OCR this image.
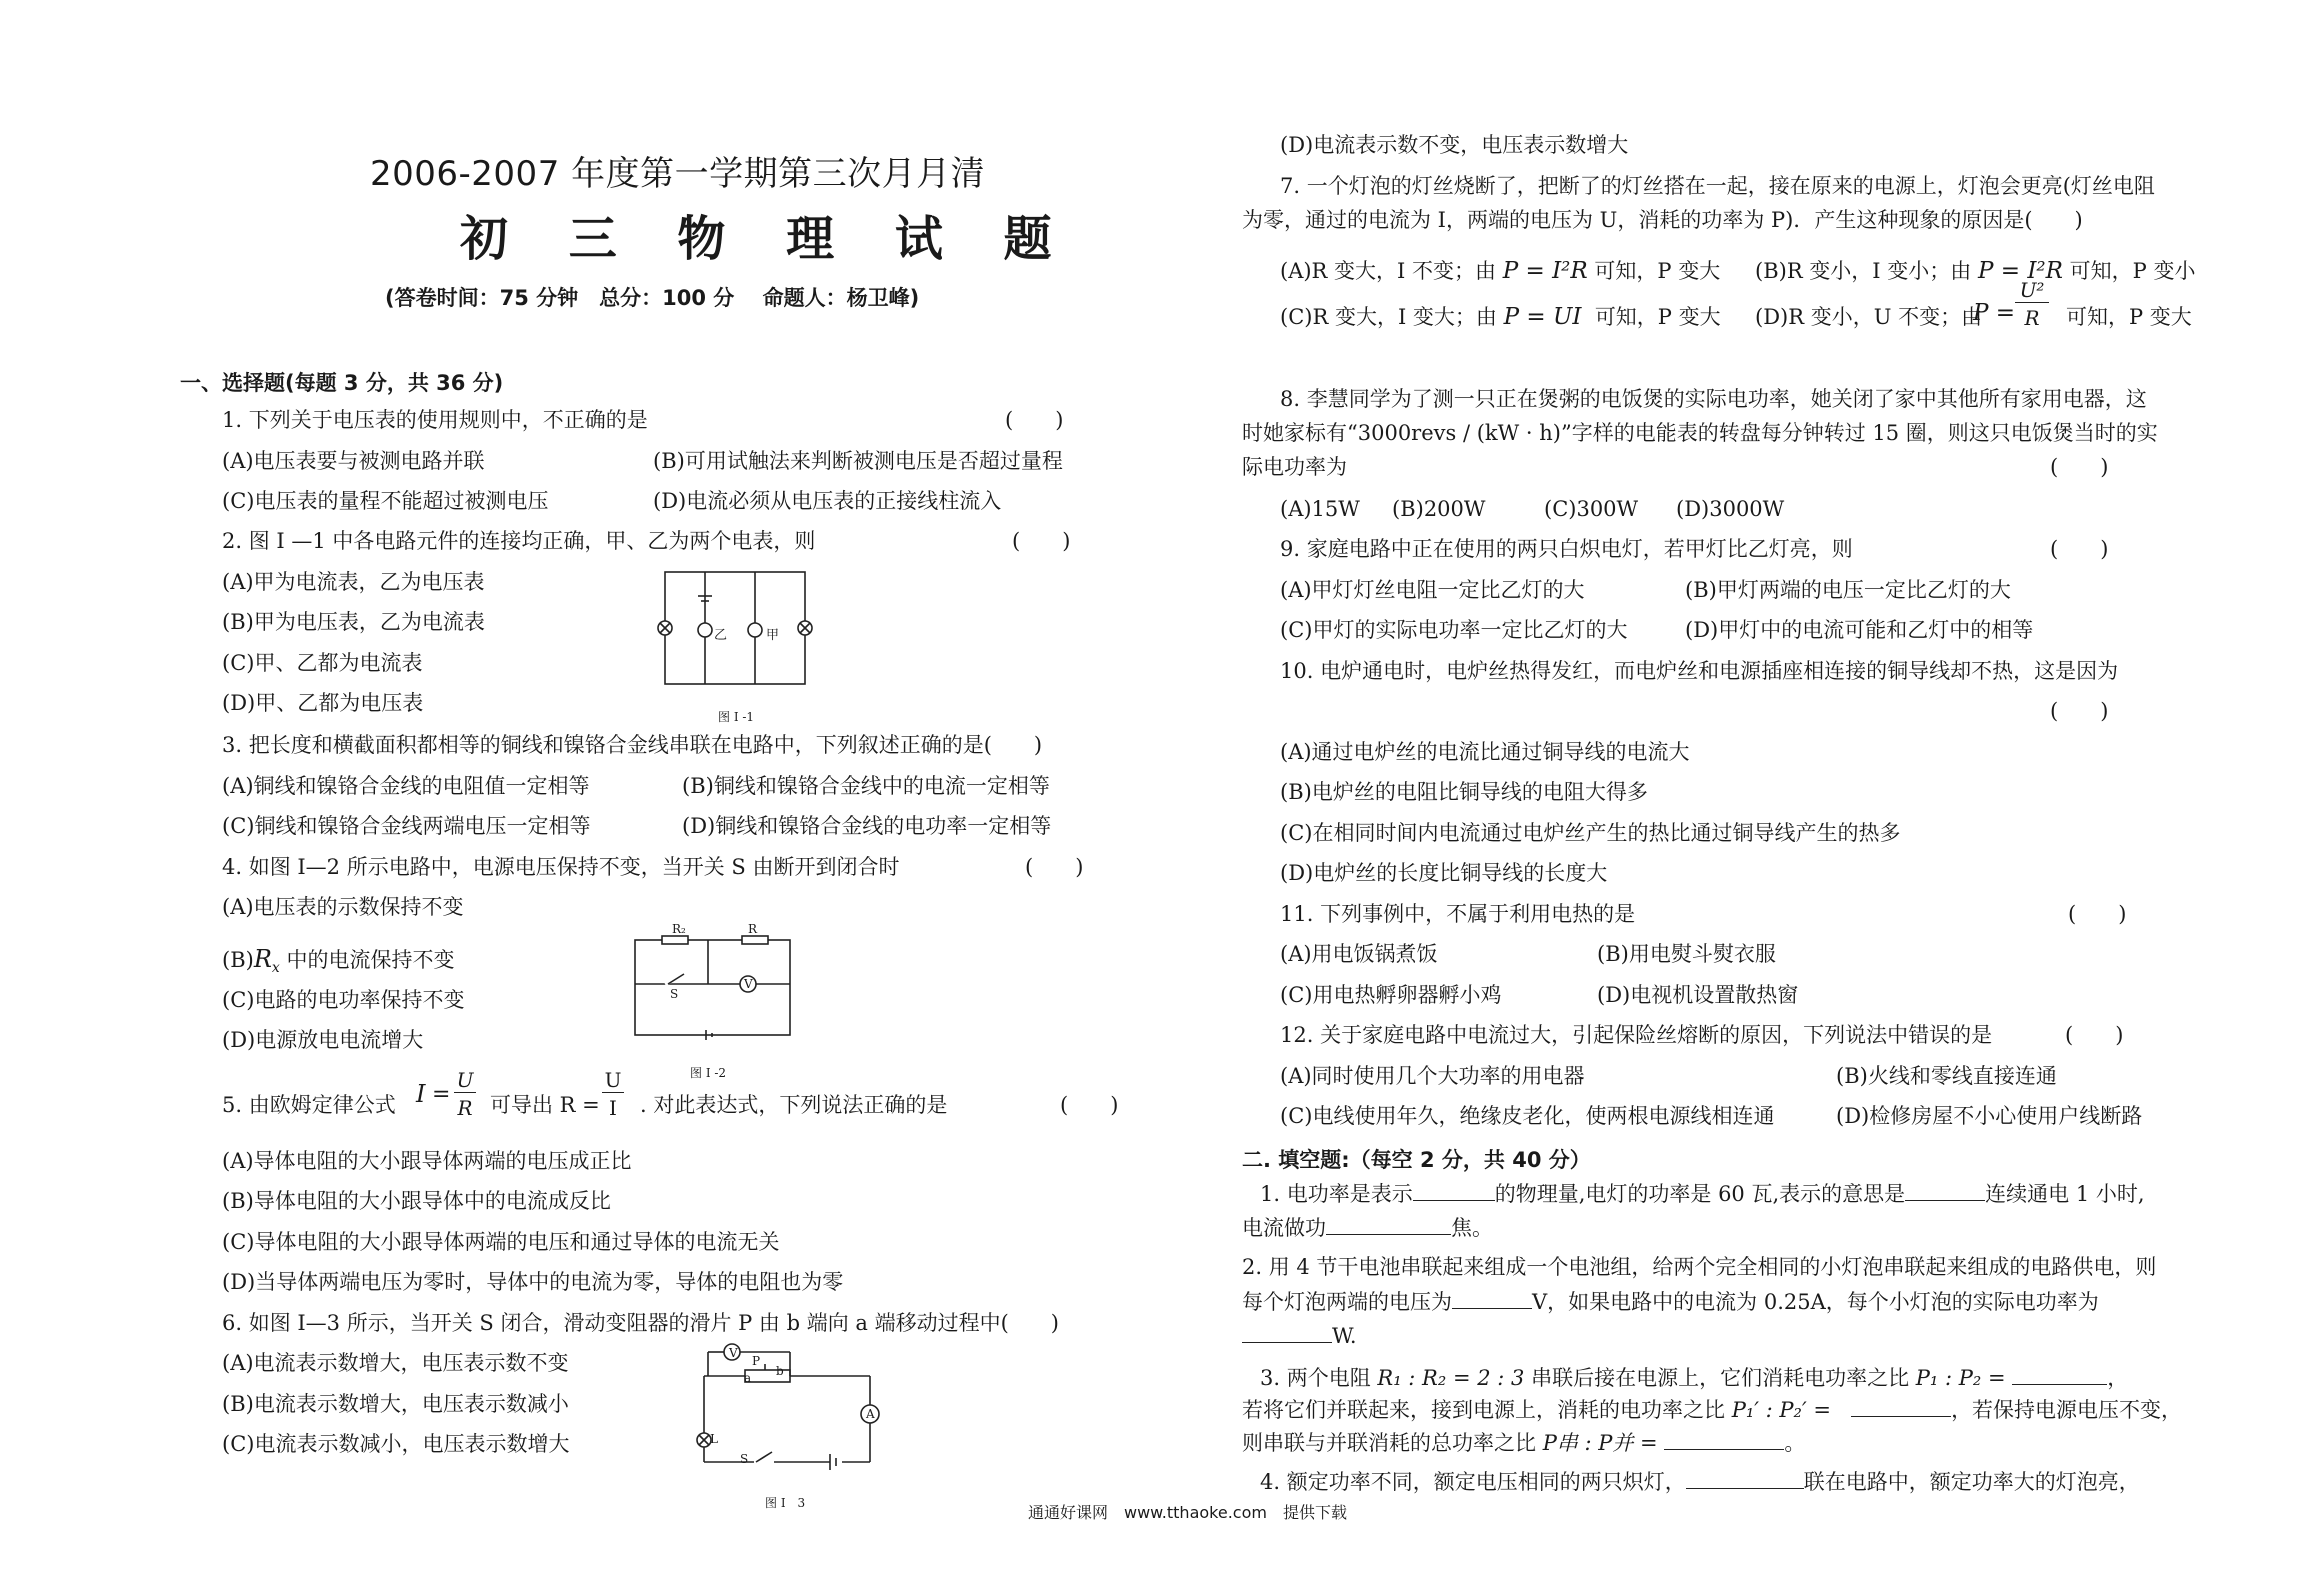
2006-2007 年度第一学期第三次月月清
初 三 物 理 试 题
(答卷时间：75 分钟　总分：100 分　 命题人：杨卫峰)
一、选择题(每题 3 分，共 36 分)
1. 下列关于电压表的使用规则中，不正确的是	(　　)
(A)电压表要与被测电路并联	(B)可用试触法来判断被测电压是否超过量程
(C)电压表的量程不能超过被测电压	(D)电流必须从电压表的正接线柱流入
2. 图 I —1 中各电路元件的连接均正确，甲、乙为两个电表，则	(　　)
(A)甲为电流表，乙为电压表
(B)甲为电压表，乙为电流表
(C)甲、乙都为电流表
(D)甲、乙都为电压表
乙	甲
图 I -1
3. 把长度和横截面积都相等的铜线和镍铬合金线串联在电路中，下列叙述正确的是(　　)
(A)铜线和镍铬合金线的电阻值一定相等	(B)铜线和镍铬合金线中的电流一定相等
(C)铜线和镍铬合金线两端电压一定相等	(D)铜线和镍铬合金线的电功率一定相等
4. 如图 I—2 所示电路中，电源电压保持不变，当开关 S 由断开到闭合时	(　　)
(A)电压表的示数保持不变
$(B)R_x$ 中的电流保持不变
(C)电路的电功率保持不变
(D)电源放电电流增大
R₂	R
S
V
图 I -2
5. 由欧姆定律公式 I =
U
R 可导出 R =
U
I	. 对此表达式，下列说法正确的是	(　　)
(A)导体电阻的大小跟导体两端的电压成正比
(B)导体电阻的大小跟导体中的电流成反比
(C)导体电阻的大小跟导体两端的电压和通过导体的电流无关
(D)当导体两端电压为零时，导体中的电流为零，导体的电阻也为零
6. 如图 I—3 所示，当开关 S 闭合，滑动变阻器的滑片 P 由 b 端向 a 端移动过程中(　　)
(A)电流表示数增大，电压表示数不变
(B)电流表示数增大，电压表示数减小
(C)电流表示数减小，电压表示数增大
V
A
L
S
P
a b
图 I　3
(D)电流表示数不变，电压表示数增大
7. 一个灯泡的灯丝烧断了，把断了的灯丝搭在一起，接在原来的电源上，灯泡会更亮(灯丝电阻
为零，通过的电流为 I，两端的电压为 U，消耗的功率为 P)．产生这种现象的原因是(　　)
(A)R 变大，I 不变；由 P = I²R 可知，P 变大 (B)R 变小，I 变小；由 P = I²R 可知，P 变小
(C)R 变大，I 变大；由 P = UI 可知，P 变大 (D)R 变小，U 不变；由
P =
U²
R	可知，P 变大
8. 李慧同学为了测一只正在煲粥的电饭煲的实际电功率，她关闭了家中其他所有家用电器，这
时她家标有“3000revs / (kW · h)”字样的电能表的转盘每分钟转过 15 圈，则这只电饭煲当时的实
际电功率为	(　　)
(A)15W (B)200W	(C)300W (D)3000W
9. 家庭电路中正在使用的两只白炽电灯，若甲灯比乙灯亮，则	(　　)
(A)甲灯灯丝电阻一定比乙灯的大	(B)甲灯两端的电压一定比乙灯的大
(C)甲灯的实际电功率一定比乙灯的大	(D)甲灯中的电流可能和乙灯中的相等
10. 电炉通电时，电炉丝热得发红，而电炉丝和电源插座相连接的铜导线却不热，这是因为
(　　)
(A)通过电炉丝的电流比通过铜导线的电流大
(B)电炉丝的电阻比铜导线的电阻大得多
(C)在相同时间内电流通过电炉丝产生的热比通过铜导线产生的热多
(D)电炉丝的长度比铜导线的长度大
11. 下列事例中，不属于利用电热的是	(　　)
(A)用电饭锅煮饭	(B)用电熨斗熨衣服
(C)用电热孵卵器孵小鸡	(D)电视机设置散热窗
12. 关于家庭电路中电流过大，引起保险丝熔断的原因，下列说法中错误的是	(　　)
(A)同时使用几个大功率的用电器	(B)火线和零线直接连通
(C)电线使用年久，绝缘皮老化，使两根电源线相连通	(D)检修房屋不小心使用户线断路
二. 填空题:（每空 2 分，共 40 分）
1. 电功率是表示	的物理量,电灯的功率是 60 瓦,表示的意思是	连续通电 1 小时,
电流做功	焦。
2. 用 4 节干电池串联起来组成一个电池组，给两个完全相同的小灯泡串联起来组成的电路供电，则
每个灯泡两端的电压为	V，如果电路中的电流为 0.25A，每个小灯泡的实际电功率为
W.
3. 两个电阻 R₁ : R₂ = 2 : 3 串联后接在电源上，它们消耗电功率之比 P₁ : P₂ =	，
若将它们并联起来，接到电源上，消耗的电功率之比 P₁′ : P₂′ =	，若保持电源电压不变，
则串联与并联消耗的总功率之比 P串 : P并 =	。
4. 额定功率不同，额定电压相同的两只炽灯，	联在电路中，额定功率大的灯泡亮，
通通好课网　www.tthaoke.com　提供下载
